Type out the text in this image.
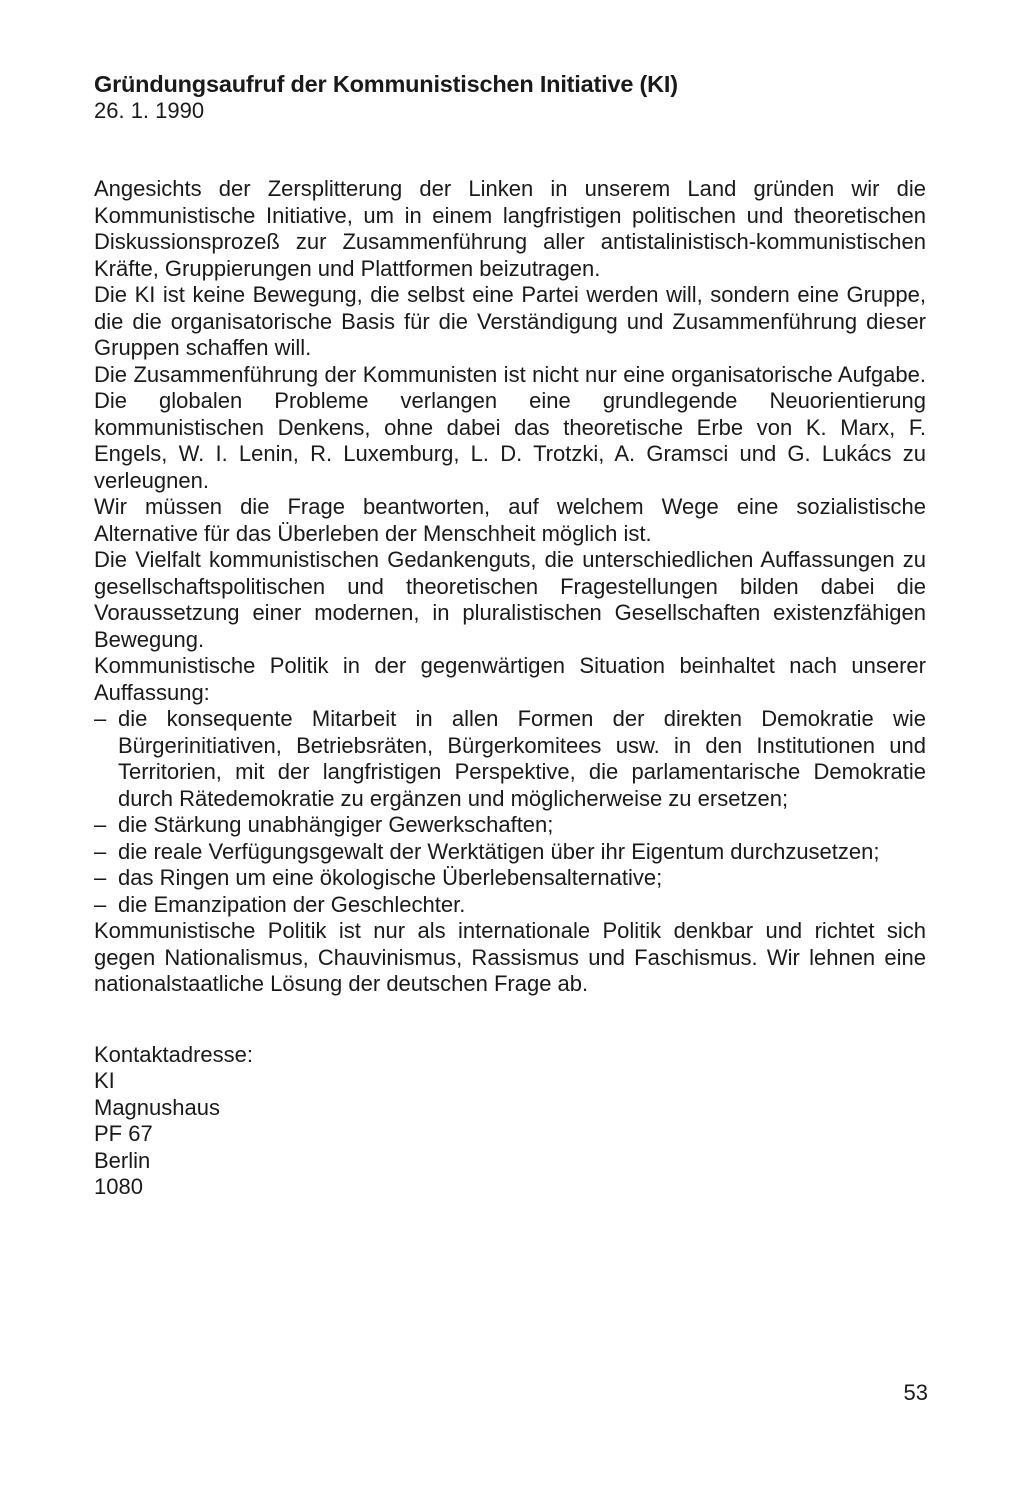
Gründungsaufruf der Kommunistischen Initiative (KI)

26. 1. 1990

Angesichts der Zersplitterung der Linken in unserem Land gründen wir die Kommunistische Initiative, um in einem langfristigen politischen und theoretischen Diskussionsprozeß zur Zusammenführung aller antistalinistisch-kommunistischen Kräfte, Gruppierungen und Plattformen beizutragen.

Die KI ist keine Bewegung, die selbst eine Partei werden will, sondern eine Gruppe, die die organisatorische Basis für die Verständigung und Zusammenführung dieser Gruppen schaffen will.

Die Zusammenführung der Kommunisten ist nicht nur eine organisatorische Aufgabe. Die globalen Probleme verlangen eine grundlegende Neuorientierung kommunistischen Denkens, ohne dabei das theoretische Erbe von K. Marx, F. Engels, W. I. Lenin, R. Luxemburg, L. D. Trotzki, A. Gramsci und G. Lukács zu verleugnen.

Wir müssen die Frage beantworten, auf welchem Wege eine sozialistische Alternative für das Überleben der Menschheit möglich ist.

Die Vielfalt kommunistischen Gedankenguts, die unterschiedlichen Auffassungen zu gesellschaftspolitischen und theoretischen Fragestellungen bilden dabei die Voraussetzung einer modernen, in pluralistischen Gesellschaften existenzfähigen Bewegung.

Kommunistische Politik in der gegenwärtigen Situation beinhaltet nach unserer Auffassung:

– die konsequente Mitarbeit in allen Formen der direkten Demokratie wie Bürgerinitiativen, Betriebsräten, Bürgerkomitees usw. in den Institutionen und Territorien, mit der langfristigen Perspektive, die parlamentarische Demokratie durch Rätedemokratie zu ergänzen und möglicherweise zu ersetzen;
– die Stärkung unabhängiger Gewerkschaften;
– die reale Verfügungsgewalt der Werktätigen über ihr Eigentum durchzusetzen;
– das Ringen um eine ökologische Überlebensalternative;
– die Emanzipation der Geschlechter.

Kommunistische Politik ist nur als internationale Politik denkbar und richtet sich gegen Nationalismus, Chauvinismus, Rassismus und Faschismus. Wir lehnen eine nationalstaatliche Lösung der deutschen Frage ab.

Kontaktadresse:

KI

Magnushaus

PF 67

Berlin

1080

53
